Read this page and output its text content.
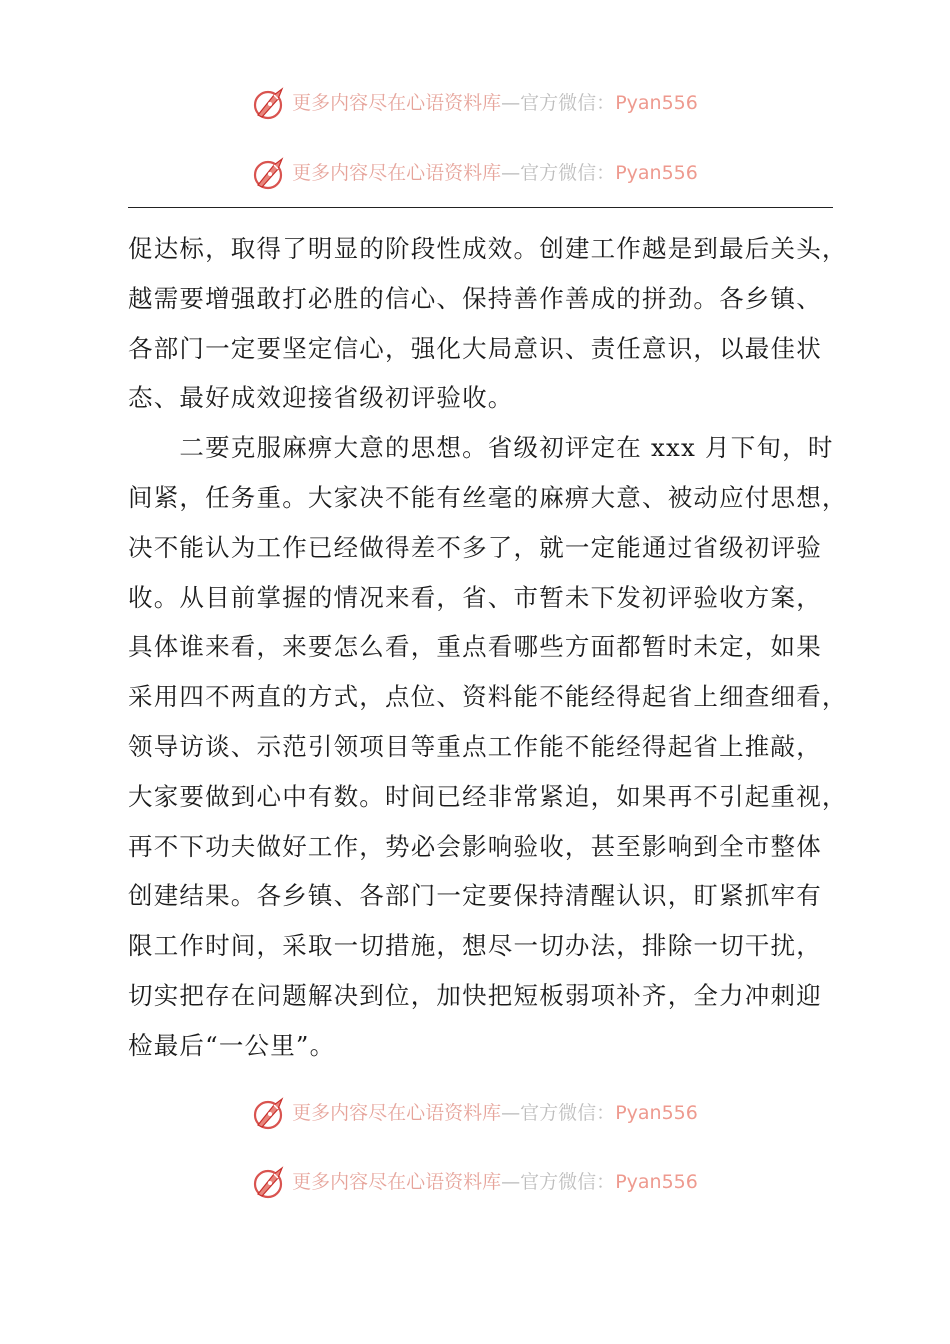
更多内容尽在心语资料库—官方微信：Pyan556
更多内容尽在心语资料库—官方微信：Pyan556
促达标，取得了明显的阶段性成效。创建工作越是到最后关头，
越需要增强敢打必胜的信心、保持善作善成的拼劲。各乡镇、
各部门一定要坚定信心，强化大局意识、责任意识，以最佳状
态、最好成效迎接省级初评验收。
　　二要克服麻痹大意的思想。省级初评定在 xxx 月下旬，时
间紧，任务重。大家决不能有丝毫的麻痹大意、被动应付思想，
决不能认为工作已经做得差不多了，就一定能通过省级初评验
收。从目前掌握的情况来看，省、市暂未下发初评验收方案，
具体谁来看，来要怎么看，重点看哪些方面都暂时未定，如果
采用四不两直的方式，点位、资料能不能经得起省上细查细看，
领导访谈、示范引领项目等重点工作能不能经得起省上推敲，
大家要做到心中有数。时间已经非常紧迫，如果再不引起重视，
再不下功夫做好工作，势必会影响验收，甚至影响到全市整体
创建结果。各乡镇、各部门一定要保持清醒认识，盯紧抓牢有
限工作时间，采取一切措施，想尽一切办法，排除一切干扰，
切实把存在问题解决到位，加快把短板弱项补齐，全力冲刺迎
检最后“一公里”。
更多内容尽在心语资料库—官方微信：Pyan556
更多内容尽在心语资料库—官方微信：Pyan556
